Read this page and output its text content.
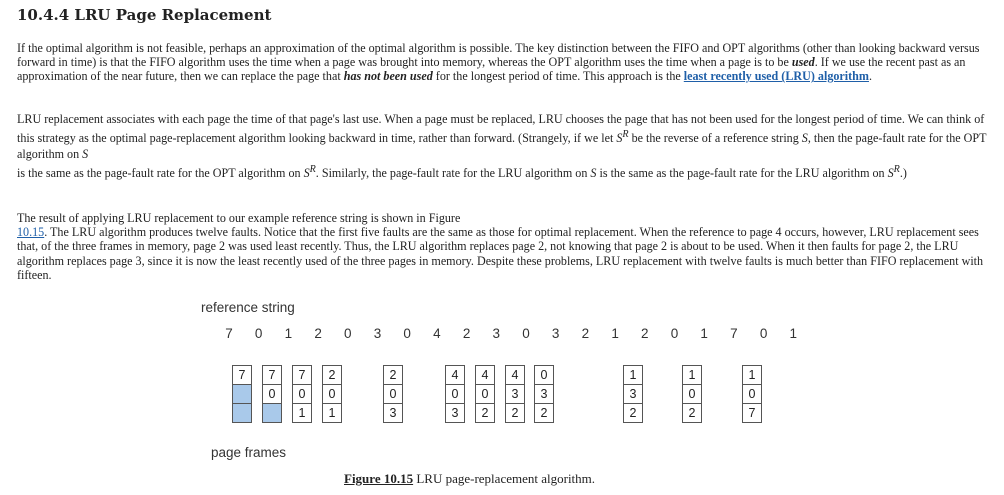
10.4.4 LRU Page Replacement

If the optimal algorithm is not feasible, perhaps an approximation of the optimal algorithm is possible. The key distinction between the FIFO and OPT algorithms (other than looking backward versus forward in time) is that the FIFO algorithm uses the time when a page was brought into memory, whereas the OPT algorithm uses the time when a page is to be used. If we use the recent past as an approximation of the near future, then we can replace the page that has not been used for the longest period of time. This approach is the least recently used (LRU) algorithm.

LRU replacement associates with each page the time of that page's last use. When a page must be replaced, LRU chooses the page that has not been used for the longest period of time. We can think of this strategy as the optimal page-replacement algorithm looking backward in time, rather than forward. (Strangely, if we let $S^R$ be the reverse of a reference string S, then the page-fault rate for the OPT algorithm on S
is the same as the page-fault rate for the OPT algorithm on $S^R$. Similarly, the page-fault rate for the LRU algorithm on S is the same as the page-fault rate for the LRU algorithm on $S^R$.)

The result of applying LRU replacement to our example reference string is shown in Figure
10.15. The LRU algorithm produces twelve faults. Notice that the first five faults are the same as those for optimal replacement. When the reference to page 4 occurs, however, LRU replacement sees that, of the three frames in memory, page 2 was used least recently. Thus, the LRU algorithm replaces page 2, not knowing that page 2 is about to be used. When it then faults for page 2, the LRU algorithm replaces page 3, since it is now the least recently used of the three pages in memory. Despite these problems, LRU replacement with twelve faults is much better than FIFO replacement with fifteen.

reference string
7 0 1 2 0 3 0 4 2 3 0 3 2 1 2 0 1 7 0 1
7	7
0
7
0
1
2
0
1
2
0
3
4
0
3
4
0
2
4
3
2
0
3
2
1
3
2
1
0
2
1
0
7
page frames
Figure 10.15 LRU page-replacement algorithm.
